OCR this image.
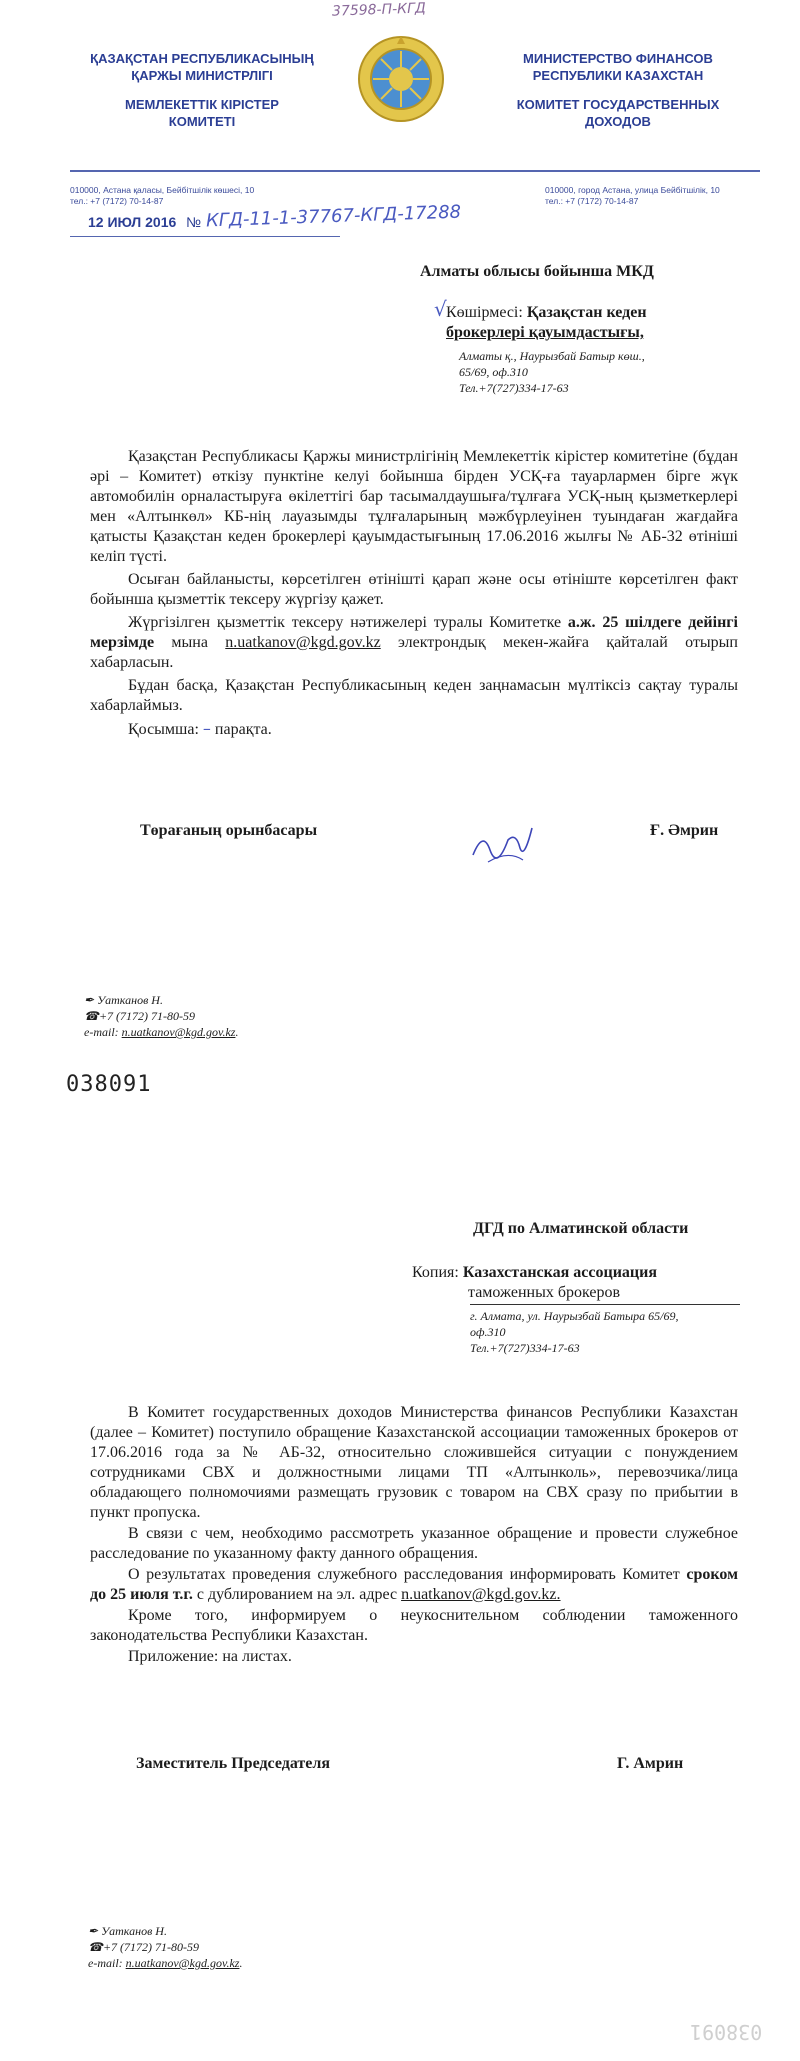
37598-П-КГД
ҚАЗАҚСТАН РЕСПУБЛИКАСЫНЫҢ
ҚАРЖЫ МИНИСТРЛІГІ
МЕМЛЕКЕТТІК КІРІСТЕР
КОМИТЕТІ
МИНИСТЕРСТВО ФИНАНСОВ
РЕСПУБЛИКИ КАЗАХСТАН
КОМИТЕТ ГОСУДАРСТВЕННЫХ
ДОХОДОВ
010000, Астана қаласы, Бейбітшілік көшесі, 10
тел.: +7 (7172) 70-14-87
010000, город Астана, улица Бейбітшілік, 10
тел.: +7 (7172) 70-14-87
12 ИЮЛ 2016 № КГД-11-1-37767-КГД-17288
Алматы облысы бойынша МКД
√ Көшірмесі: Қазақстан кеден
брокерлері қауымдастығы,
Алматы қ., Наурызбай Батыр көш.,
65/69, оф.310
Тел.+7(727)334-17-63

Қазақстан Республикасы Қаржы министрлігінің Мемлекеттік кірістер комитетіне (бұдан әрі – Комитет) өткізу пунктіне келуі бойынша бірден УСҚ-ға тауарлармен бірге жүк автомобилін орналастыруға өкілеттігі бар тасымалдаушыға/тұлғаға УСҚ-ның қызметкерлері мен «Алтынкөл» КБ-нің лауазымды тұлғаларының мәжбүрлеуінен туындаған жағдайға қатысты Қазақстан кеден брокерлері қауымдастығының 17.06.2016 жылғы № АБ-32 өтініші келіп түсті.

Осыған байланысты, көрсетілген өтінішті қарап және осы өтініште көрсетілген факт бойынша қызметтік тексеру жүргізу қажет.

Жүргізілген қызметтік тексеру нәтижелері туралы Комитетке а.ж. 25 шілдеге дейінгі мерзімде мына n.uatkanov@kgd.gov.kz электрондық мекен-жайға қайталай отырып хабарласын.

Бұдан басқа, Қазақстан Республикасының кеден заңнамасын мүлтіксіз сақтау туралы хабарлаймыз.

Қосымша: – парақта.

Төрағаның орынбасары	Ғ. Әмрин
✒ Уатканов Н.
☎+7 (7172) 71-80-59
e-mail: n.uatkanov@kgd.gov.kz.
038091
ДГД по Алматинской области
Копия: Казахстанская ассоциация
таможенных брокеров
г. Алмата, ул. Наурызбай Батыра 65/69,
оф.310
Тел.+7(727)334-17-63

В Комитет государственных доходов Министерства финансов Республики Казахстан (далее – Комитет) поступило обращение Казахстанской ассоциации таможенных брокеров от 17.06.2016 года за № АБ-32, относительно сложившейся ситуации с понуждением сотрудниками СВХ и должностными лицами ТП «Алтынколь», перевозчика/лица обладающего полномочиями размещать грузовик с товаром на СВХ сразу по прибытии в пункт пропуска.

В связи с чем, необходимо рассмотреть указанное обращение и провести служебное расследование по указанному факту данного обращения.

О результатах проведения служебного расследования информировать Комитет сроком до 25 июля т.г. с дублированием на эл. адрес n.uatkanov@kgd.gov.kz.

Кроме того, информируем о неукоснительном соблюдении таможенного законодательства Республики Казахстан.

Приложение: на листах.

Заместитель Председателя	Г. Амрин
✒ Уатканов Н.
☎+7 (7172) 71-80-59
e-mail: n.uatkanov@kgd.gov.kz.
038091
